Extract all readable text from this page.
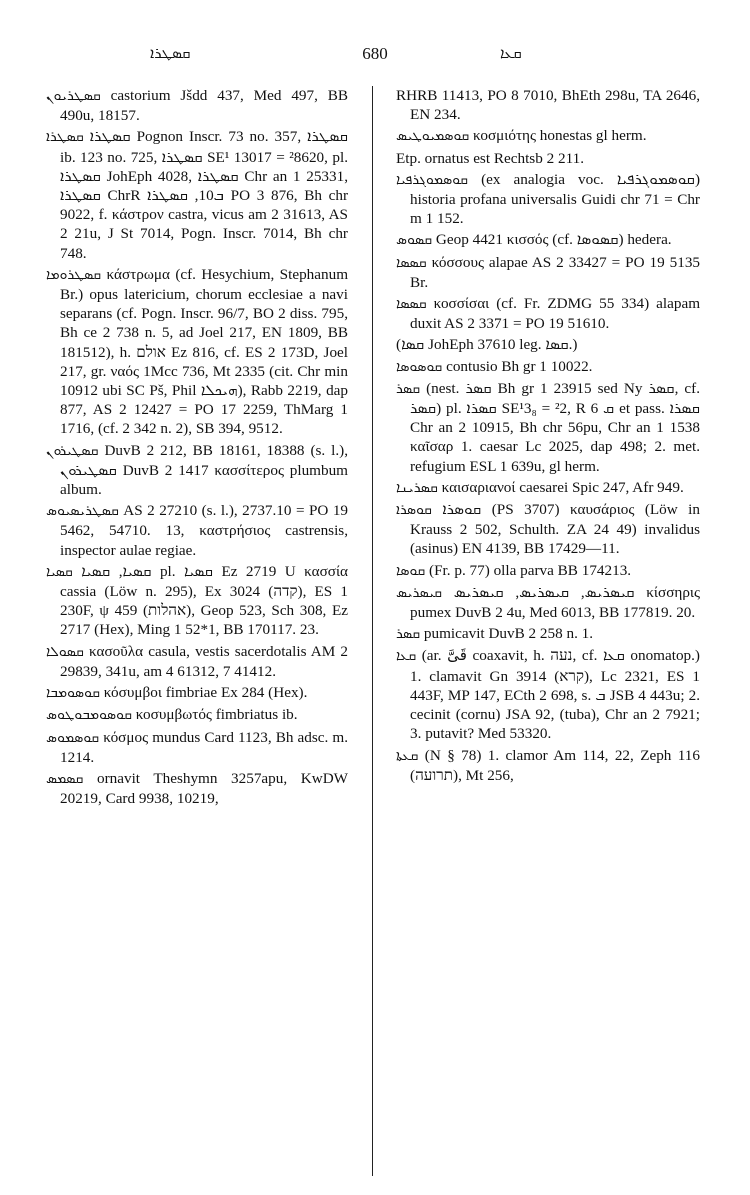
ܩܣܛܪܐ	680	ܩܥܐ
ܩܣܛܪܝܘܢ castorium Jšdd 437, Med 497, BB 490u, 18157.
ܩܣܛܪܐ ܩܣܛܪܐ Pognon Inscr. 73 no. 357, ܩܣܛܪܐ ib. 123 no. 725, ܩܣܛܪܐ SE¹ 13017 = ²8620, pl. ܩܣܛܪܐ JohEph 4028, ܩܣܛܪܐ Chr an 1 25331, ܩܣܛܪܐ ChrR ܒ10, ܩܣܛܪܐ PO 3 876, Bh chr 9022, f. κάστρον castra, vicus am 2 31613, AS 2 21u, J St 7014, Pogn. Inscr. 7014, Bh chr 748.
ܩܣܛܪܘܡܐ κάστρωμα (cf. Hesychium, Stephanum Br.) opus latericium, chorum ecclesiae a navi separans (cf. Pogn. Inscr. 96/7, BO 2 diss. 795, Bh ce 2 738 n. 5, ad Joel 217, EN 1809, BB 181512), h. אולם Ez 816, cf. ES 2 173D, Joel 217, gr. ναός 1Mcc 736, Mt 2335 (cit. Chr min 10912 ubi SC Pš, Phil ܗܝܟܠܐ), Rabb 2219, dap 877, AS 2 12427 = PO 17 2259, ThMarg 1 1716, (cf. 2 342 n. 2), SB 394, 9512.
ܩܣܛܝܪܘܢ DuvB 2 212, BB 18161, 18388 (s. l.), ܩܣܛܝܪܘܢ DuvB 2 1417 κασσίτερος plumbum album.
ܩܣܛܪܝܣܝܘܣ AS 2 27210 (s. l.), 2737.10 = PO 19 5462, 54710. 13, καστρήσιος castrensis, inspector aulae regiae.
ܩܣܝܐ ܩܣܝܐ, ܩܣܝܐ pl. ܩܣܝܐ Ez 2719 U κασσία cassia (Löw n. 295), Ex 3024 (קדה), ES 1 230F, ψ 459 (אהלות), Geop 523, Sch 308, Ez 2717 (Hex), Ming 1 52*1, BB 170117. 23.
ܩܣܘܠܐ κασοῦλα casula, vestis sacerdotalis AM 2 29839, 341u, am 4 61312, 7 41412.
ܩܘܣܘܡܒܐ κόσυμβοι fimbriae Ex 284 (Hex).
ܩܘܣܘܡܒܘܛܘܣ κοσυμβωτός fimbriatus ib.
ܩܘܣܡܘܣ κόσμος mundus Card 1123, Bh adsc. m. 1214.
ܩܣܡܣ ornavit Theshymn 3257apu, KwDW 20219, Card 9938, 10219,
RHRB 11413, PO 8 7010, BhEth 298u, TA 2646, EN 234.
ܩܘܣܡܝܘܛܝܣ κοσμιότης honestas gl herm.
Etp. ornatus est Rechtsb 2 211.
ܩܘܣܡܘܓܪܦܝܐ (ex analogia voc. ܩܘܣܡܘܓܪܦܝܐ) historia profana universalis Guidi chr 71 = Chr m 1 152.
ܩܣܘܣ Geop 4421 κισσός (cf. ܩܣܘܣܐ) hedera.
ܩܣܣܐ κόσσους alapae AS 2 33427 = PO 19 5135 Br.
ܩܣܣܐ κοσσίσαι (cf. Fr. ZDMG 55 334) alapam duxit AS 2 3371 = PO 19 51610.
(ܩܣܐ JohEph 37610 leg. ܩܣܐ.)
ܩܘܣܘܣܐ contusio Bh gr 1 10022.
ܩܣܪ (nest. ܩܣܪ Bh gr 1 23915 sed Ny ܩܣܪ, cf. ܩܣܪ) pl. ܩܣܪܐ SE¹3₈ = ²2, R ܩ 6 et pass. ܩܣܪܐ Chr an 2 10915, Bh chr 56pu, Chr an 1 1538 καῖσαρ 1. caesar Lc 2025, dap 498; 2. met. refugium ESL 1 639u, gl herm.
ܩܣܪܝܢܐ καισαριανοί caesarei Spic 247, Afr 949.
ܩܘܣܪܐ ܩܘܣܪܐ (PS 3707) καυσάριος (Löw in Krauss 2 502, Schulth. ZA 24 49) invalidus (asinus) EN 4139, BB 17429—11.
ܩܘܣܐ (Fr. p. 77) olla parva BB 174213.
ܩܝܣܪܝܣ ܩܝܣܪܝܣ, ܩܝܣܪܝܣ, ܩܝܣܪܝܣ κίσσηρις pumex DuvB 2 4u, Med 6013, BB 177819. 20.
ܩܣܪ pumicavit DuvB 2 258 n. 1.
ܩܥܐ (ar. قَىَّ coaxavit, h. נעה, cf. ܩܥܐ onomatop.) 1. clamavit Gn 3914 (קרא), Lc 2321, ES 1 443F, MP 147, ECth 2 698, s. ܒ JSB 4 443u; 2. cecinit (cornu) JSA 92, (tuba), Chr an 2 7921; 3. putavit? Med 53320.
ܩܥܬܐ (N § 78) 1. clamor Am 114, 22, Zeph 116 (תרועה), Mt 256,
